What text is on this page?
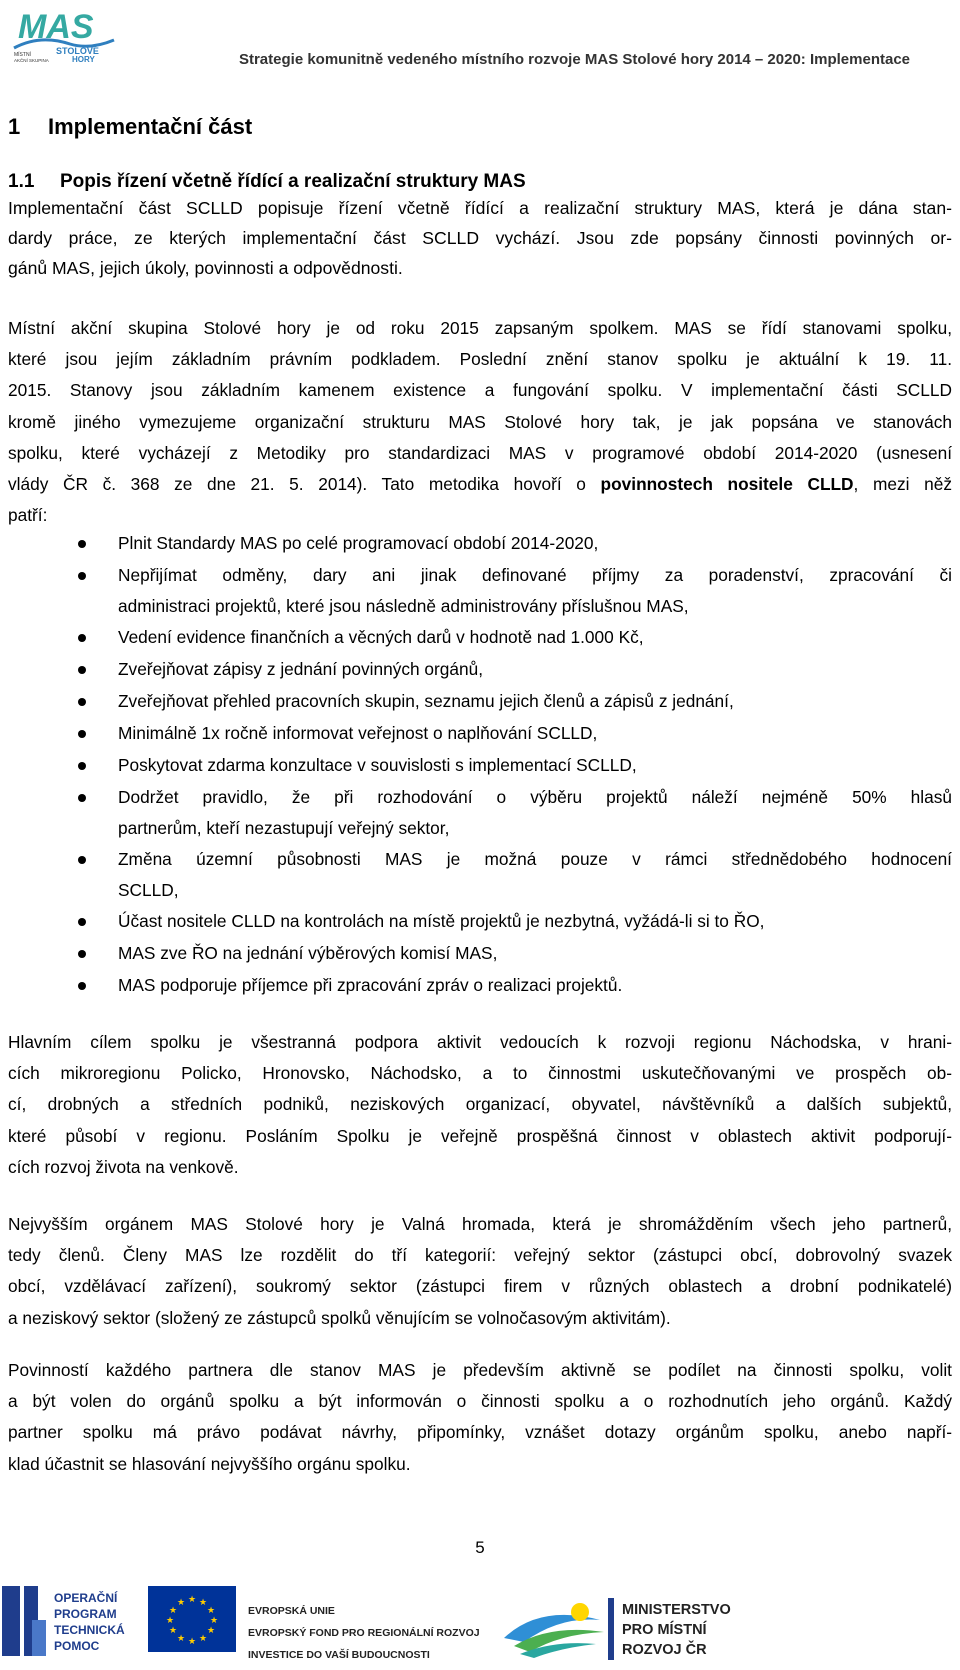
MAS
MÍSTNÍ
AKČNÍ SKUPINA
STOLOVÉ
HORY	Strategie komunitně vedeného místního rozvoje MAS Stolové hory 2014 – 2020: Implementace
1 Implementační část
1.1 Popis řízení včetně řídící a realizační struktury MAS
Implementační část SCLLD popisuje řízení včetně řídící a realizační struktury MAS, která je dána stan-
dardy práce, ze kterých implementační část SCLLD vychází. Jsou zde popsány činnosti povinných or-
gánů MAS, jejich úkoly, povinnosti a odpovědnosti.
Místní akční skupina Stolové hory je od roku 2015 zapsaným spolkem. MAS se řídí stanovami spolku,
které jsou jejím základním právním podkladem. Poslední znění stanov spolku je aktuální k 19. 11.
2015. Stanovy jsou základním kamenem existence a fungování spolku. V implementační části SCLLD
kromě jiného vymezujeme organizační strukturu MAS Stolové hory tak, je jak popsána ve stanovách
spolku, které vycházejí z Metodiky pro standardizaci MAS v programové období 2014-2020 (usnesení
vlády ČR č. 368 ze dne 21. 5. 2014). Tato metodika hovoří o povinnostech nositele CLLD, mezi něž
patří:
Plnit Standardy MAS po celé programovací období 2014-2020,
Nepřijímat odměny, dary ani jinak definované příjmy za poradenství, zpracování či
administraci projektů, které jsou následně administrovány příslušnou MAS,
Vedení evidence finančních a věcných darů v hodnotě nad 1.000 Kč,
Zveřejňovat zápisy z jednání povinných orgánů,
Zveřejňovat přehled pracovních skupin, seznamu jejich členů a zápisů z jednání,
Minimálně 1x ročně informovat veřejnost o naplňování SCLLD,
Poskytovat zdarma konzultace v souvislosti s implementací SCLLD,
Dodržet pravidlo, že při rozhodování o výběru projektů náleží nejméně 50% hlasů
partnerům, kteří nezastupují veřejný sektor,
Změna územní působnosti MAS je možná pouze v rámci střednědobého hodnocení
SCLLD,
Účast nositele CLLD na kontrolách na místě projektů je nezbytná, vyžádá-li si to ŘO,
MAS zve ŘO na jednání výběrových komisí MAS,
MAS podporuje příjemce při zpracování zpráv o realizaci projektů.
Hlavním cílem spolku je všestranná podpora aktivit vedoucích k rozvoji regionu Náchodska, v hrani-
cích mikroregionu Policko, Hronovsko, Náchodsko, a to činnostmi uskutečňovanými ve prospěch ob-
cí, drobných a středních podniků, neziskových organizací, obyvatel, návštěvníků a dalších subjektů,
které působí v regionu. Posláním Spolku je veřejně prospěšná činnost v oblastech aktivit podporují-
cích rozvoj života na venkově.
Nejvyšším orgánem MAS Stolové hory je Valná hromada, která je shromážděním všech jeho partnerů,
tedy členů. Členy MAS lze rozdělit do tří kategorií: veřejný sektor (zástupci obcí, dobrovolný svazek
obcí, vzdělávací zařízení), soukromý sektor (zástupci firem v různých oblastech a drobní podnikatelé)
a neziskový sektor (složený ze zástupců spolků věnujícím se volnočasovým aktivitám).
Povinností každého partnera dle stanov MAS je především aktivně se podílet na činnosti spolku, volit
a být volen do orgánů spolku a být informován o činnosti spolku a o rozhodnutích jeho orgánů. Každý
partner spolku má právo podávat návrhy, připomínky, vznášet dotazy orgánům spolku, anebo napří-
klad účastnit se hlasování nejvyššího orgánu spolku.
5
OPERAČNÍ
PROGRAM
TECHNICKÁ
POMOC
★ ★
★
★
★
★
★
★
★
★
★
★
EVROPSKÁ UNIE
EVROPSKÝ FOND PRO REGIONÁLNÍ ROZVOJ
INVESTICE DO VAŠÍ BUDOUCNOSTI
MINISTERSTVO
PRO MÍSTNÍ
ROZVOJ ČR
